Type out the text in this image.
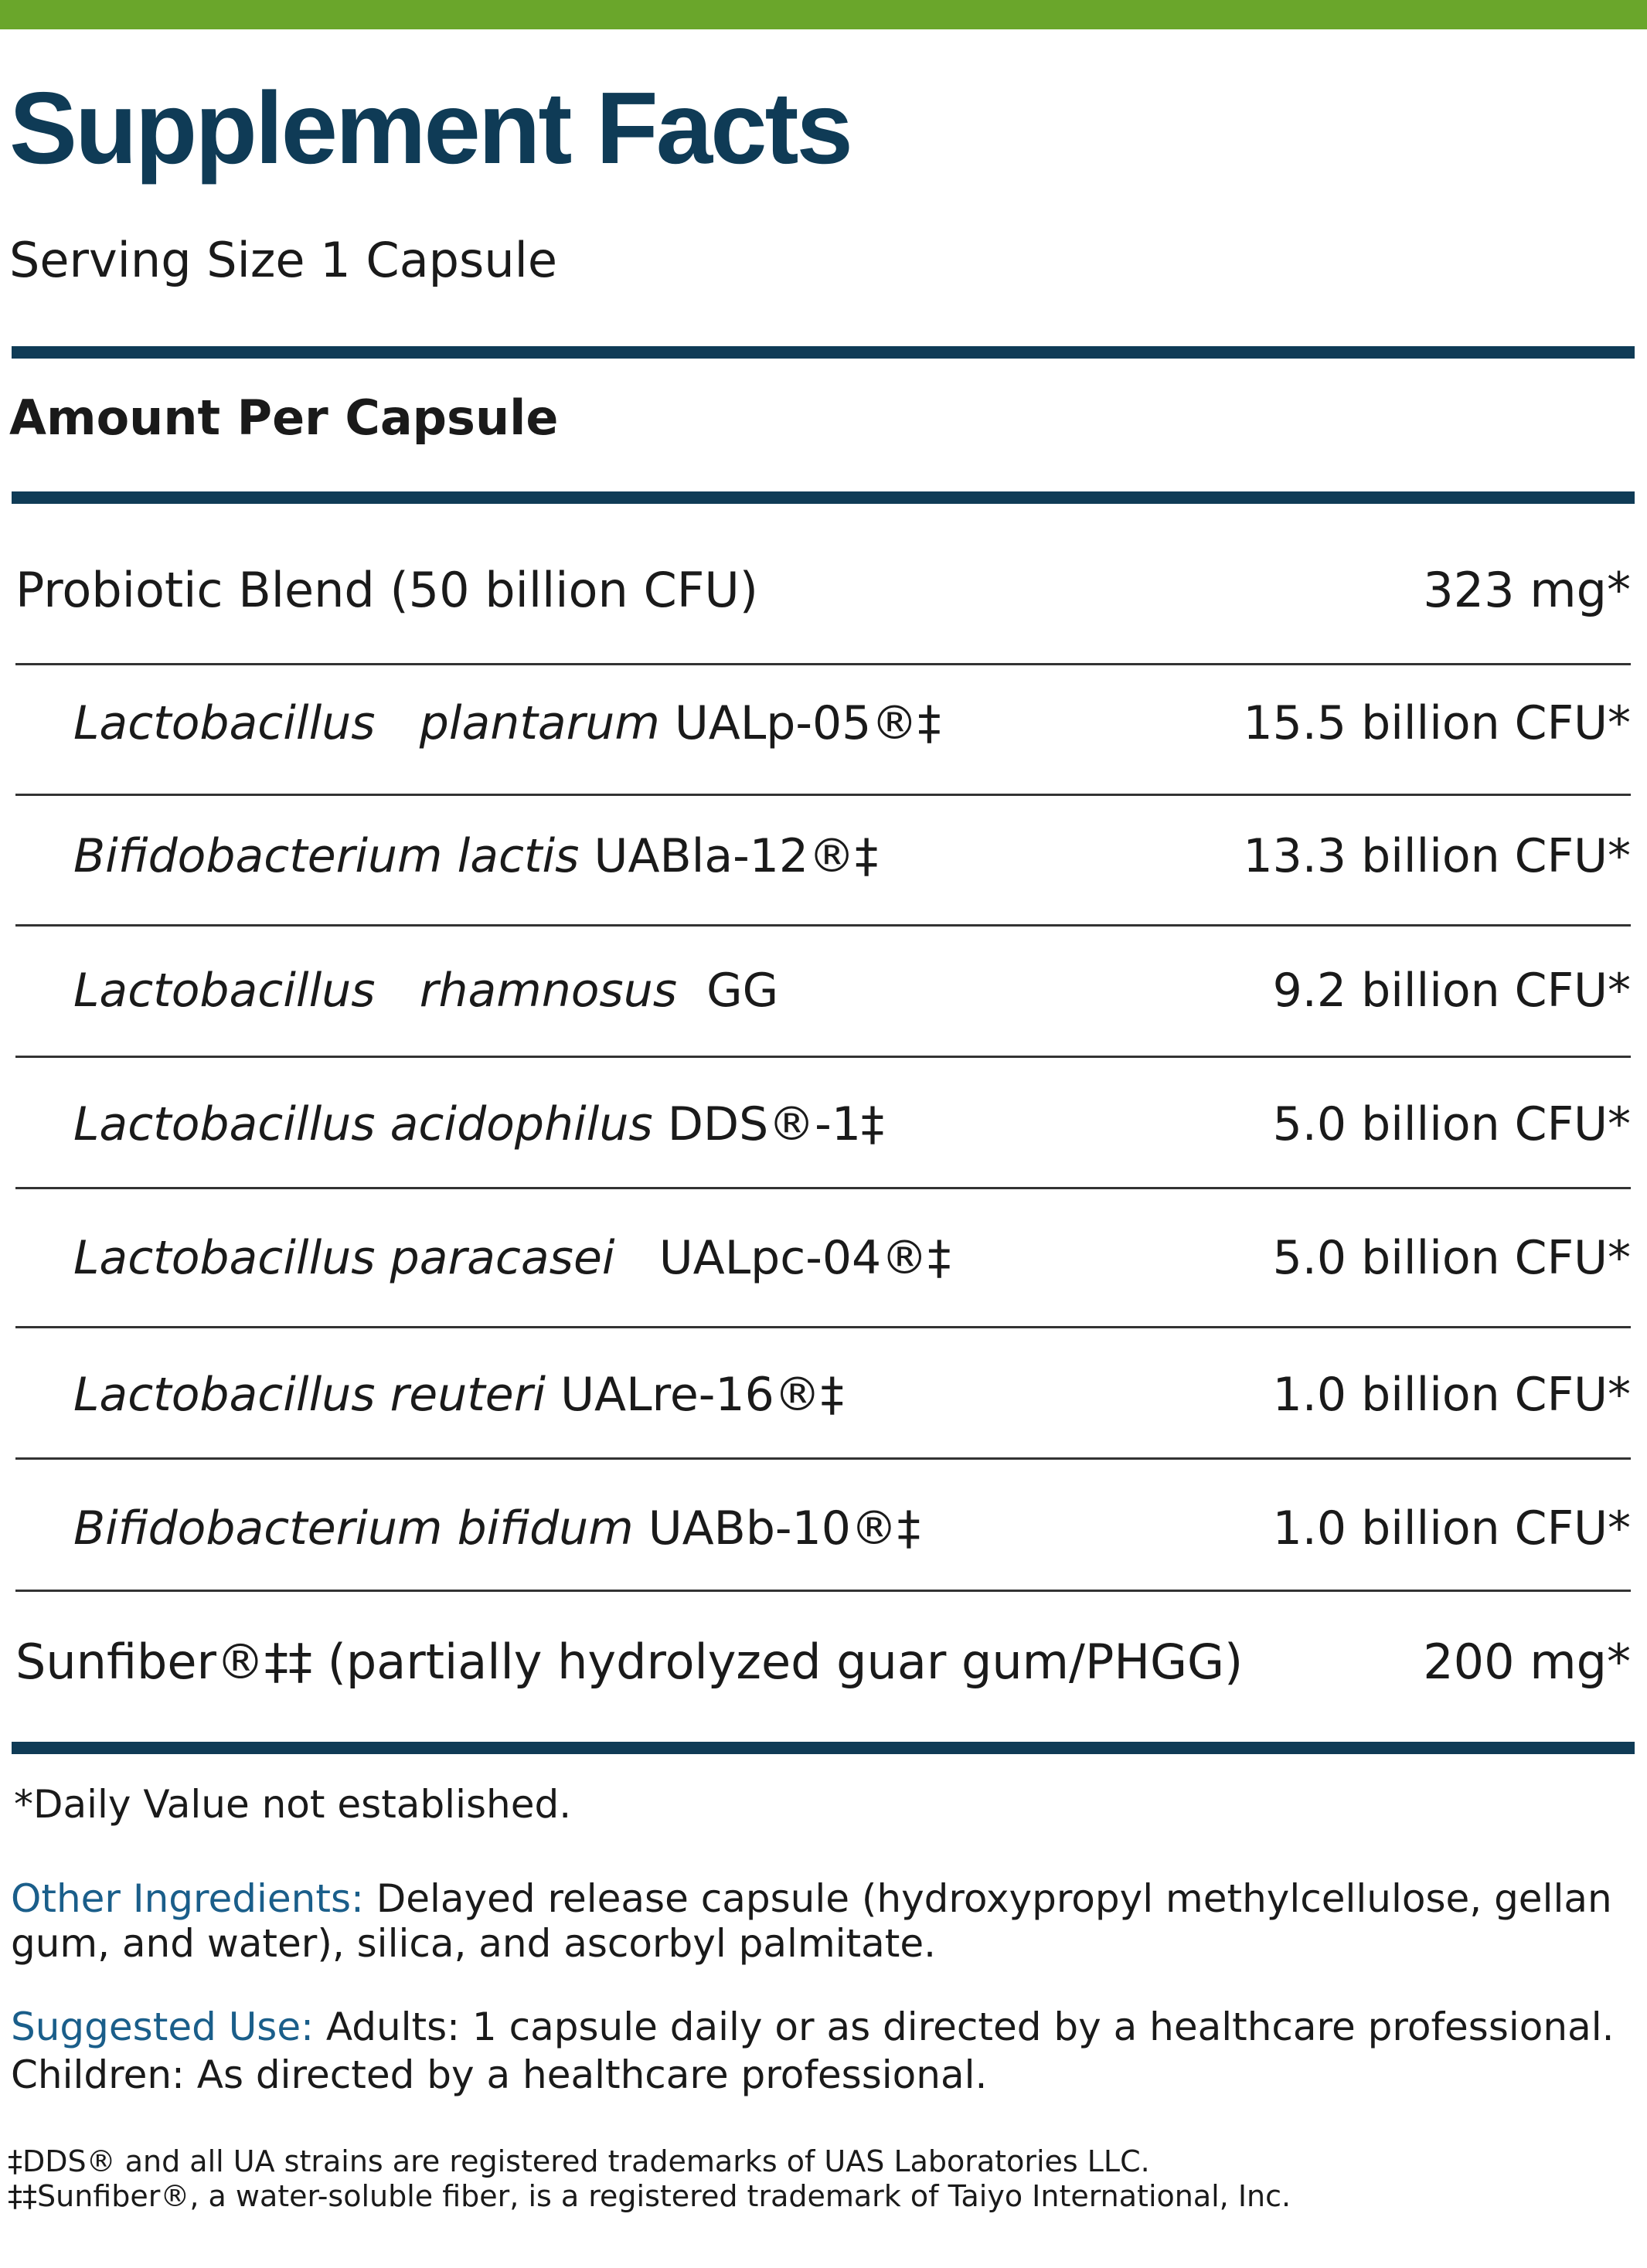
Supplement Facts
Serving Size 1 Capsule
Amount Per Capsule
Probiotic Blend (50 billion CFU)	323 mg*
Lactobacillus plantarum UALp-05®‡	15.5 billion CFU*
Bifidobacterium lactis UABla-12®‡	13.3 billion CFU*
Lactobacillus rhamnosus GG	9.2 billion CFU*
Lactobacillus acidophilus DDS®-1‡	5.0 billion CFU*
Lactobacillus paracasei UALpc-04®‡	5.0 billion CFU*
Lactobacillus reuteri UALre-16®‡	1.0 billion CFU*
Bifidobacterium bifidum UABb-10®‡	1.0 billion CFU*
Sunfiber®‡‡ (partially hydrolyzed guar gum/PHGG)	200 mg*
*Daily Value not established.
Other Ingredients: Delayed release capsule (hydroxypropyl methylcellulose, gellan gum, and water), silica, and ascorbyl palmitate.
Suggested Use: Adults: 1 capsule daily or as directed by a healthcare professional. Children: As directed by a healthcare professional.
‡DDS® and all UA strains are registered trademarks of UAS Laboratories LLC.
‡‡Sunfiber®, a water-soluble fiber, is a registered trademark of Taiyo International, Inc.
